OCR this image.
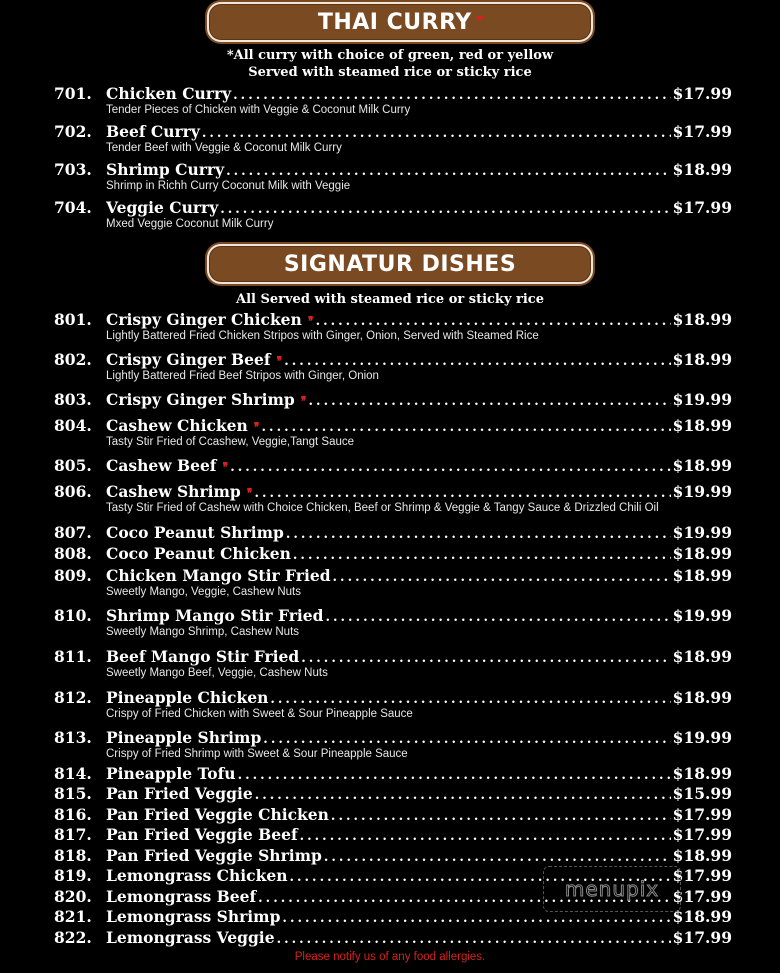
THAI CURRY ❜❜
*All curry with choice of green, red or yellow
Served with steamed rice or sticky rice
701. Chicken Curry .....	$17.99
Tender Pieces of Chicken with Veggie & Coconut Milk Curry
702. Beef Curry .....	$17.99
Tender Beef with Veggie & Coconut Milk Curry
703. Shrimp Curry .....	$18.99
Shrimp in Richh Curry Coconut Milk with Veggie
704. Veggie Curry .....	$17.99
Mxed Veggie Coconut Milk Curry
SIGNATUR DISHES
All Served with steamed rice or sticky rice
801. Crispy Ginger Chicken ❜❜ .....	$18.99
Lightly Battered Fried Chicken Stripos with Ginger, Onion, Served with Steamed Rice
802. Crispy Ginger Beef ❜❜ .....	$18.99
Lightly Battered Fried Beef Stripos with Ginger, Onion
803. Crispy Ginger Shrimp ❜❜ .....	$19.99
804. Cashew Chicken ❜❜ .....	$18.99
Tasty Stir Fried of Ccashew, Veggie,Tangt Sauce
805. Cashew Beef ❜❜ .....	$18.99
806. Cashew Shrimp ❜❜ .....	$19.99
Tasty Stir Fried of Cashew with Choice Chicken, Beef or Shrimp & Veggie & Tangy Sauce & Drizzled Chili Oil
807. Coco Peanut Shrimp .....	$19.99
808. Coco Peanut Chicken .....	$18.99
809. Chicken Mango Stir Fried .....	$18.99
Sweetly Mango, Veggie, Cashew Nuts
810. Shrimp Mango Stir Fried .....	$19.99
Sweetly Mango Shrimp, Cashew Nuts
811. Beef Mango Stir Fried .....	$18.99
Sweetly Mango Beef, Veggie, Cashew Nuts
812. Pineapple Chicken .....	$18.99
Crispy of Fried Chicken with Sweet & Sour Pineapple Sauce
813. Pineapple Shrimp .....	$19.99
Crispy of Fried Shrimp with Sweet & Sour Pineapple Sauce
814. Pineapple Tofu .....	$18.99
815. Pan Fried Veggie .....	$15.99
816. Pan Fried Veggie Chicken .....	$17.99
817. Pan Fried Veggie Beef .....	$17.99
818. Pan Fried Veggie Shrimp .....	$18.99
819. Lemongrass Chicken .....	$17.99
820. Lemongrass Beef .....	$17.99
821. Lemongrass Shrimp .....	$18.99
822. Lemongrass Veggie .....	$17.99
menupix
Please notify us of any food allergies.
